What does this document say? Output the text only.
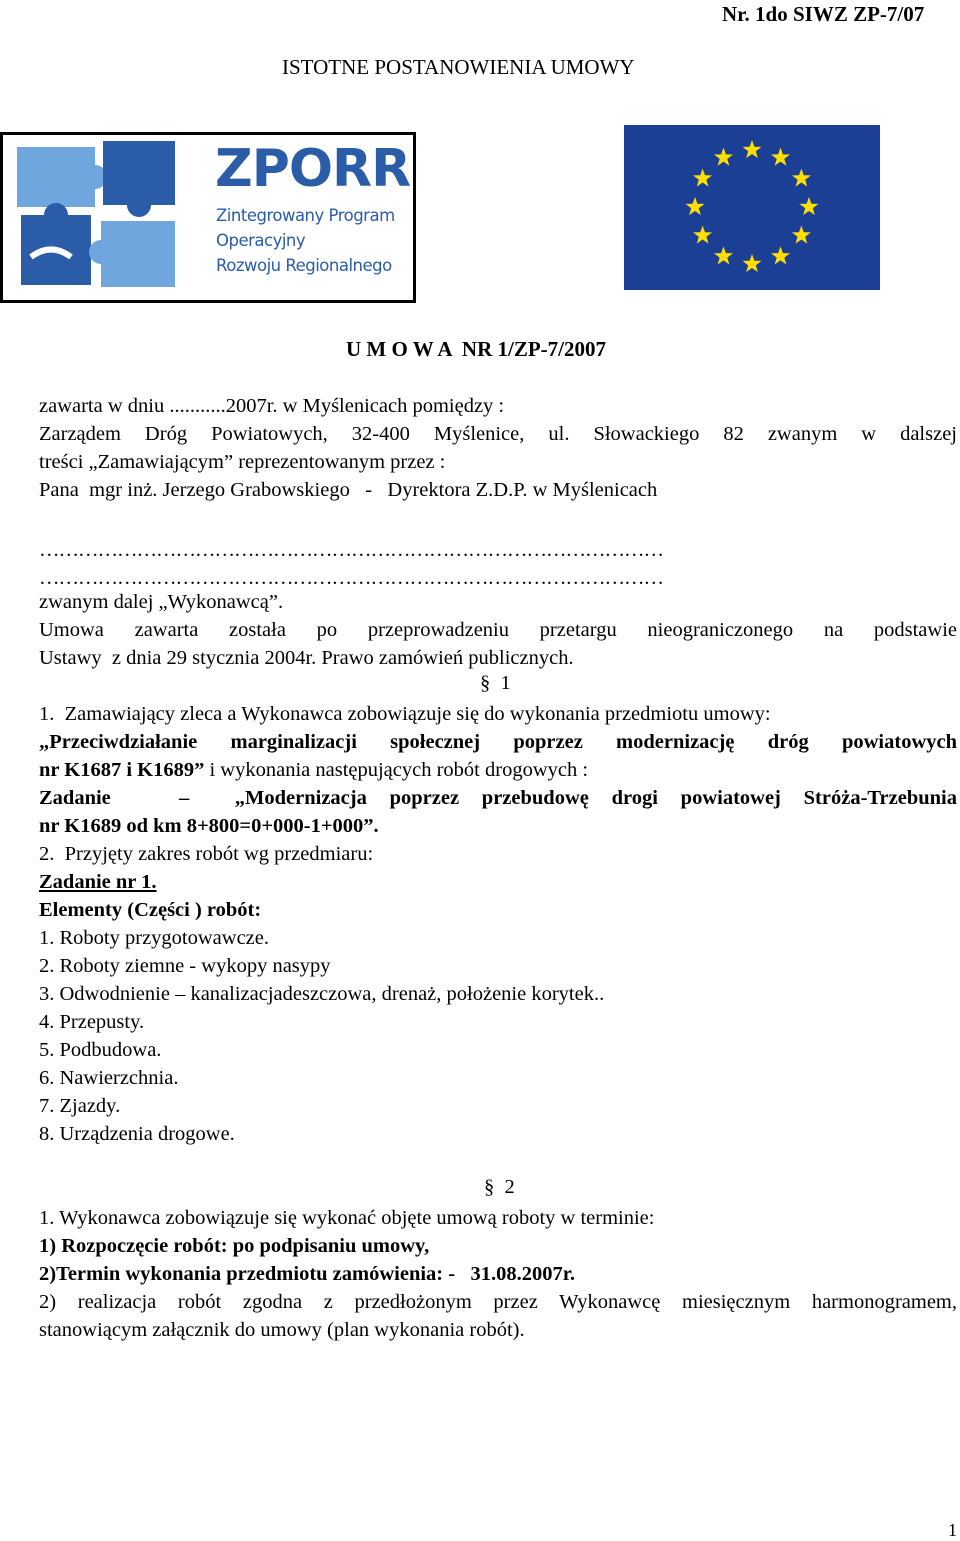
Nr. 1do SIWZ ZP-7/07
ISTOTNE POSTANOWIENIA UMOWY
ZPORR
Zintegrowany Program
Operacyjny
Rozwoju Regionalnego
U M O W A  NR 1/ZP-7/2007
zawarta w dniu ...........2007r. w Myślenicach pomiędzy :
Zarządem Dróg Powiatowych, 32-400 Myślenice, ul. Słowackiego 82 zwanym w dalszej
treści „Zamawiającym” reprezentowanym przez :
Pana  mgr inż. Jerzego Grabowskiego   -   Dyrektora Z.D.P. w Myślenicach
……………………………………………………………………………………
……………………………………………………………………………………
zwanym dalej „Wykonawcą”.
Umowa zawarta została po przeprowadzeniu przetargu nieograniczonego na podstawie
Ustawy  z dnia 29 stycznia 2004r. Prawo zamówień publicznych.
§  1
1.  Zamawiający zleca a Wykonawca zobowiązuje się do wykonania przedmiotu umowy:
„Przeciwdziałanie marginalizacji społecznej poprzez modernizację dróg powiatowych
nr K1687 i K1689” i wykonania następujących robót drogowych :
Zadanie   –  „Modernizacja poprzez przebudowę drogi powiatowej Stróża-Trzebunia
nr K1689 od km 8+800=0+000-1+000”.
2.  Przyjęty zakres robót wg przedmiaru:
Zadanie nr 1.
Elementy (Części ) robót:
1. Roboty przygotowawcze.
2. Roboty ziemne - wykopy nasypy
3. Odwodnienie – kanalizacjadeszczowa, drenaż, położenie korytek..
4. Przepusty.
5. Podbudowa.
6. Nawierzchnia.
7. Zjazdy.
8. Urządzenia drogowe.
§  2
1. Wykonawca zobowiązuje się wykonać objęte umową roboty w terminie:
1) Rozpoczęcie robót: po podpisaniu umowy,
2)Termin wykonania przedmiotu zamówienia: -   31.08.2007r.
2) realizacja robót zgodna z przedłożonym przez Wykonawcę miesięcznym harmonogramem,
stanowiącym załącznik do umowy (plan wykonania robót).
1
